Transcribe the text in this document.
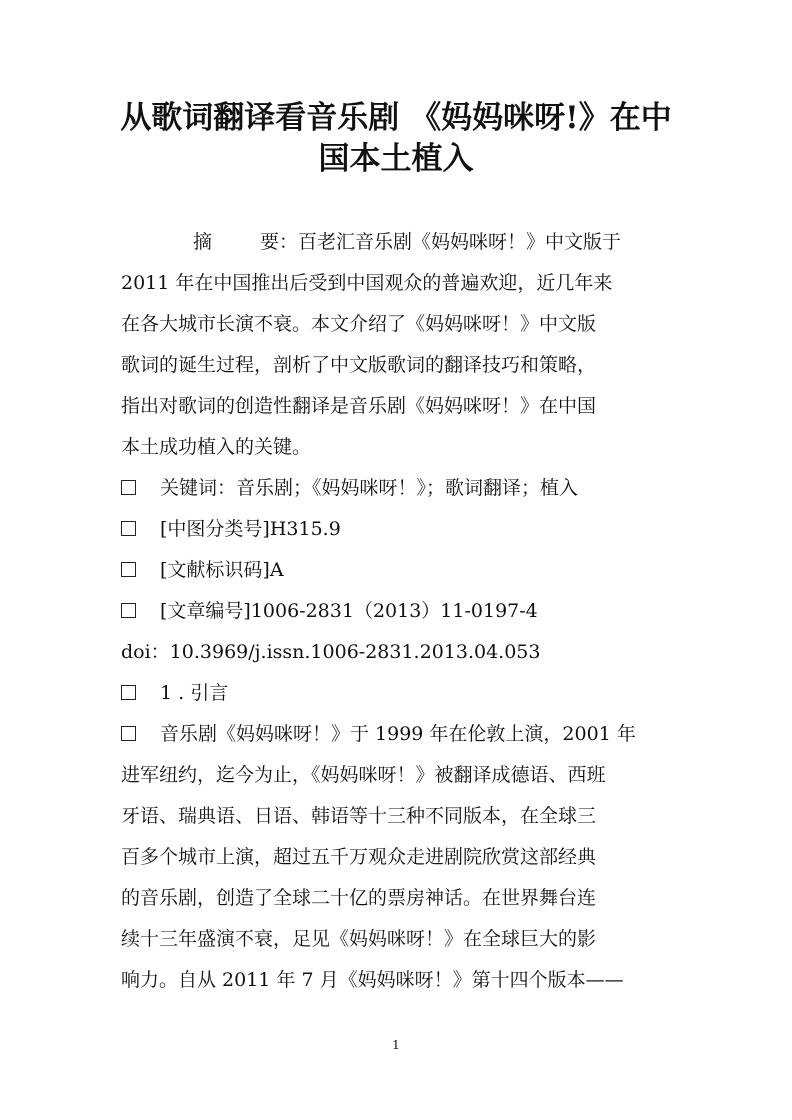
从歌词翻译看音乐剧 《妈妈咪呀!》在中
国本土植入
摘	要：百老汇音乐剧《妈妈咪呀！》中文版于
2011 年在中国推出后受到中国观众的普遍欢迎，近几年来
在各大城市长演不衰。本文介绍了《妈妈咪呀！》中文版
歌词的诞生过程，剖析了中文版歌词的翻译技巧和策略，
指出对歌词的创造性翻译是音乐剧《妈妈咪呀！》在中国
本土成功植入的关键。
关键词：音乐剧；《妈妈咪呀！》；歌词翻译；植入
[中图分类号]H315.9
[文献标识码]A
[文章编号]1006-2831（2013）11-0197-4
doi：10.3969/j.issn.1006-2831.2013.04.053
1 . 引言
音乐剧《妈妈咪呀！》于 1999 年在伦敦上演，2001 年
进军纽约，迄今为止，《妈妈咪呀！》被翻译成德语、西班
牙语、瑞典语、日语、韩语等十三种不同版本，在全球三
百多个城市上演，超过五千万观众走进剧院欣赏这部经典
的音乐剧，创造了全球二十亿的票房神话。在世界舞台连
续十三年盛演不衰，足见《妈妈咪呀！》在全球巨大的影
响力。自从 2011 年 7 月《妈妈咪呀！》第十四个版本——
1
